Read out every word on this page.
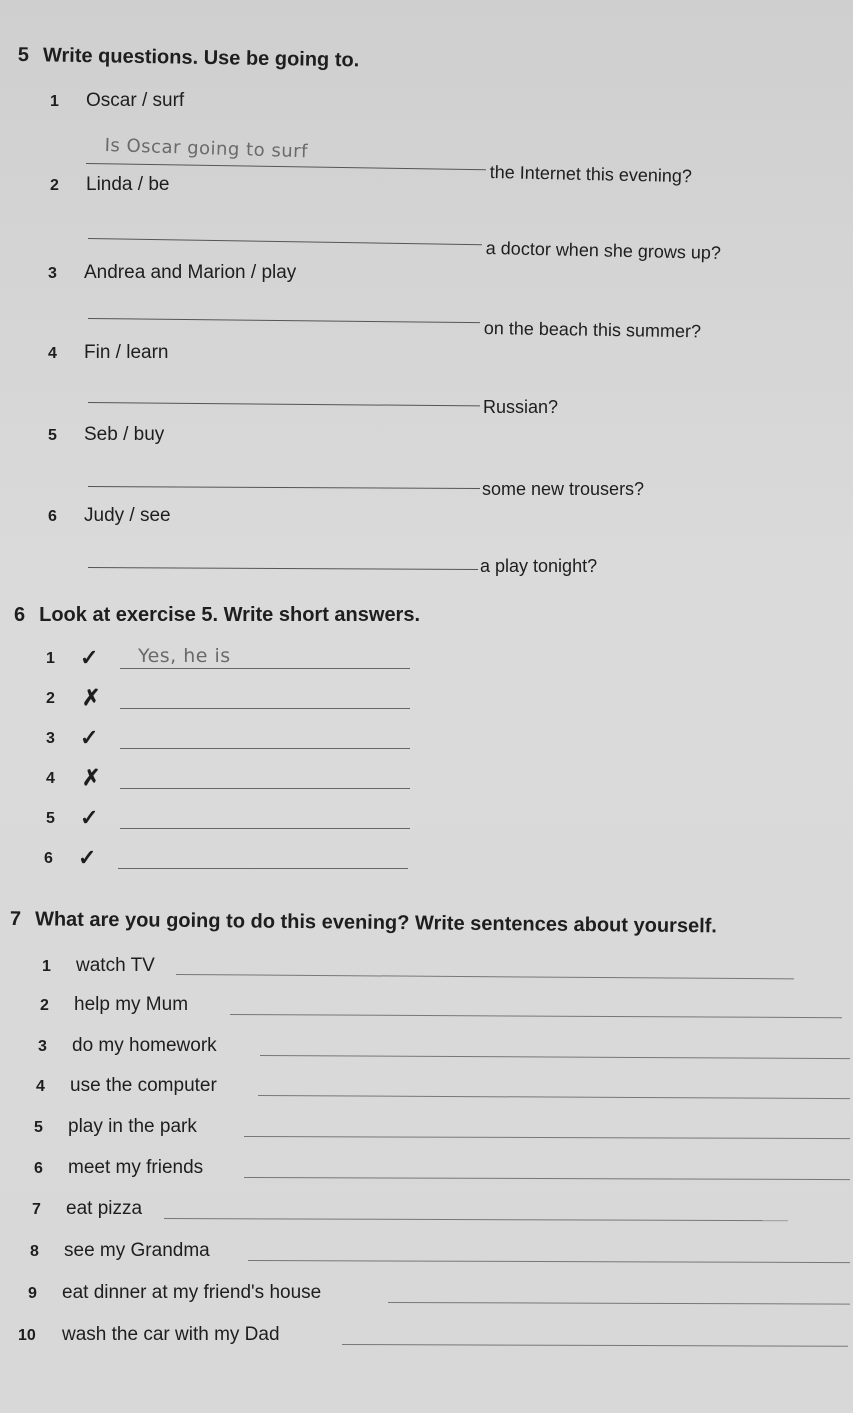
5 Write questions. Use be going to.
1 Oscar / surf
Is Oscar going to surf
the Internet this evening?
2 Linda / be
a doctor when she grows up?
3 Andrea and Marion / play
on the beach this summer?
4 Fin / learn
Russian?
5 Seb / buy
some new trousers?
6 Judy / see
a play tonight?
6 Look at exercise 5. Write short answers.
1 ✓ Yes, he is
2 ✗
3 ✓
4 ✗
5 ✓
6 ✓
7 What are you going to do this evening? Write sentences about yourself.
1 watch TV
2 help my Mum
3 do my homework
4 use the computer
5 play in the park
6 meet my friends
7 eat pizza
8 see my Grandma
9 eat dinner at my friend's house
10 wash the car with my Dad
